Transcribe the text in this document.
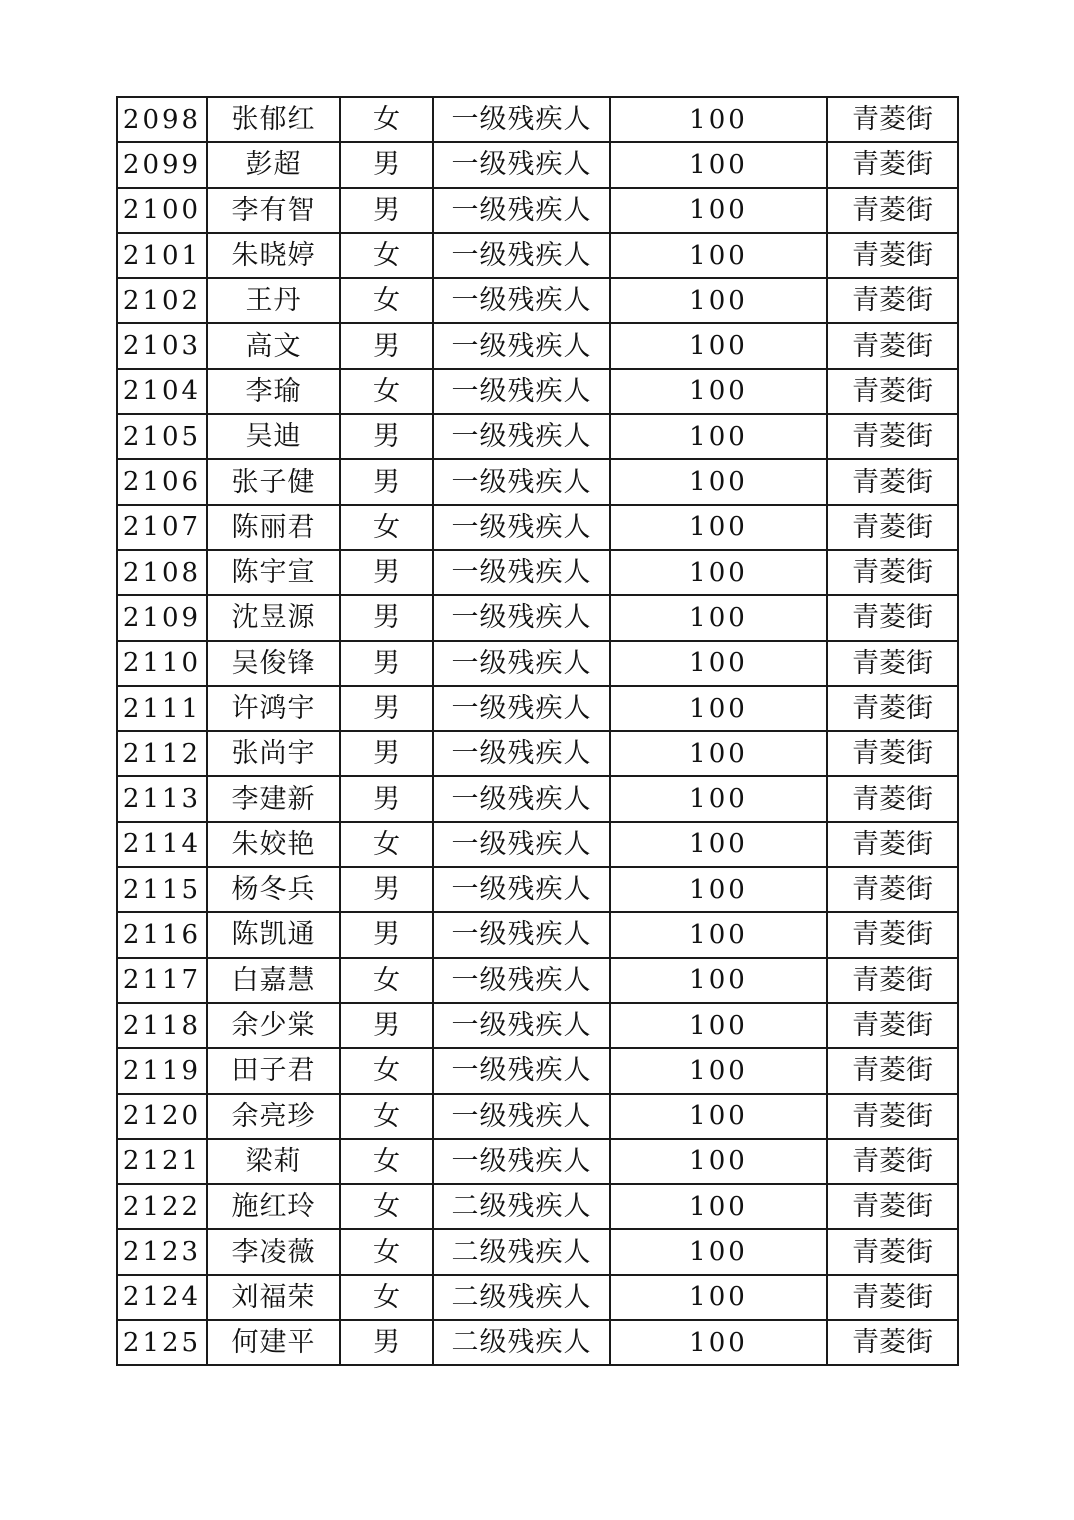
2098	张郁红	女	一级残疾人	100	青菱街
2099	彭超	男	一级残疾人	100	青菱街
2100	李有智	男	一级残疾人	100	青菱街
2101	朱晓婷	女	一级残疾人	100	青菱街
2102	王丹	女	一级残疾人	100	青菱街
2103	高文	男	一级残疾人	100	青菱街
2104	李瑜	女	一级残疾人	100	青菱街
2105	吴迪	男	一级残疾人	100	青菱街
2106	张子健	男	一级残疾人	100	青菱街
2107	陈丽君	女	一级残疾人	100	青菱街
2108	陈宇宣	男	一级残疾人	100	青菱街
2109	沈昱源	男	一级残疾人	100	青菱街
2110	吴俊锋	男	一级残疾人	100	青菱街
2111	许鸿宇	男	一级残疾人	100	青菱街
2112	张尚宇	男	一级残疾人	100	青菱街
2113	李建新	男	一级残疾人	100	青菱街
2114	朱姣艳	女	一级残疾人	100	青菱街
2115	杨冬兵	男	一级残疾人	100	青菱街
2116	陈凯通	男	一级残疾人	100	青菱街
2117	白嘉慧	女	一级残疾人	100	青菱街
2118	余少棠	男	一级残疾人	100	青菱街
2119	田子君	女	一级残疾人	100	青菱街
2120	余亮珍	女	一级残疾人	100	青菱街
2121	梁莉	女	一级残疾人	100	青菱街
2122	施红玲	女	二级残疾人	100	青菱街
2123	李凌薇	女	二级残疾人	100	青菱街
2124	刘福荣	女	二级残疾人	100	青菱街
2125	何建平	男	二级残疾人	100	青菱街
